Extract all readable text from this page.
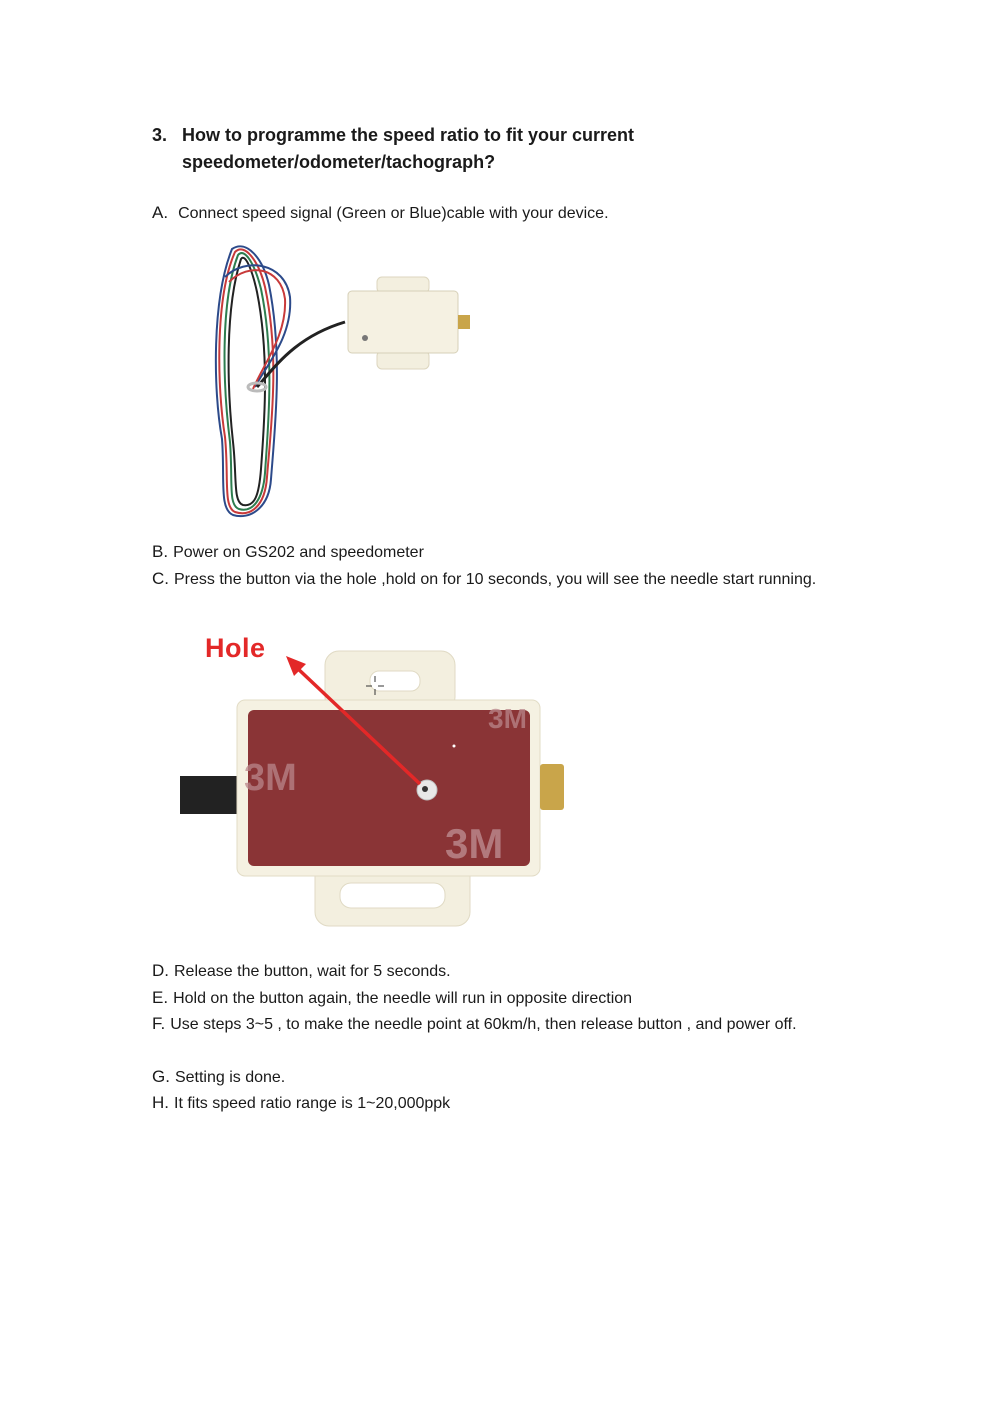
3. How to programme the speed ratio to fit your current speedometer/odometer/tachograph?
A. Connect speed signal (Green or Blue)cable with your device.
B. Power on GS202 and speedometer
C. Press the button via the hole ,hold on for 10 seconds, you will see the needle start running.
3M
3M
3M
Hole
D. Release the button, wait for 5 seconds.
E. Hold on the button again, the needle will run in opposite direction
F. Use steps 3~5 , to make the needle point at 60km/h, then release button , and power off.
G. Setting is done.
H. It fits speed ratio range is 1~20,000ppk
